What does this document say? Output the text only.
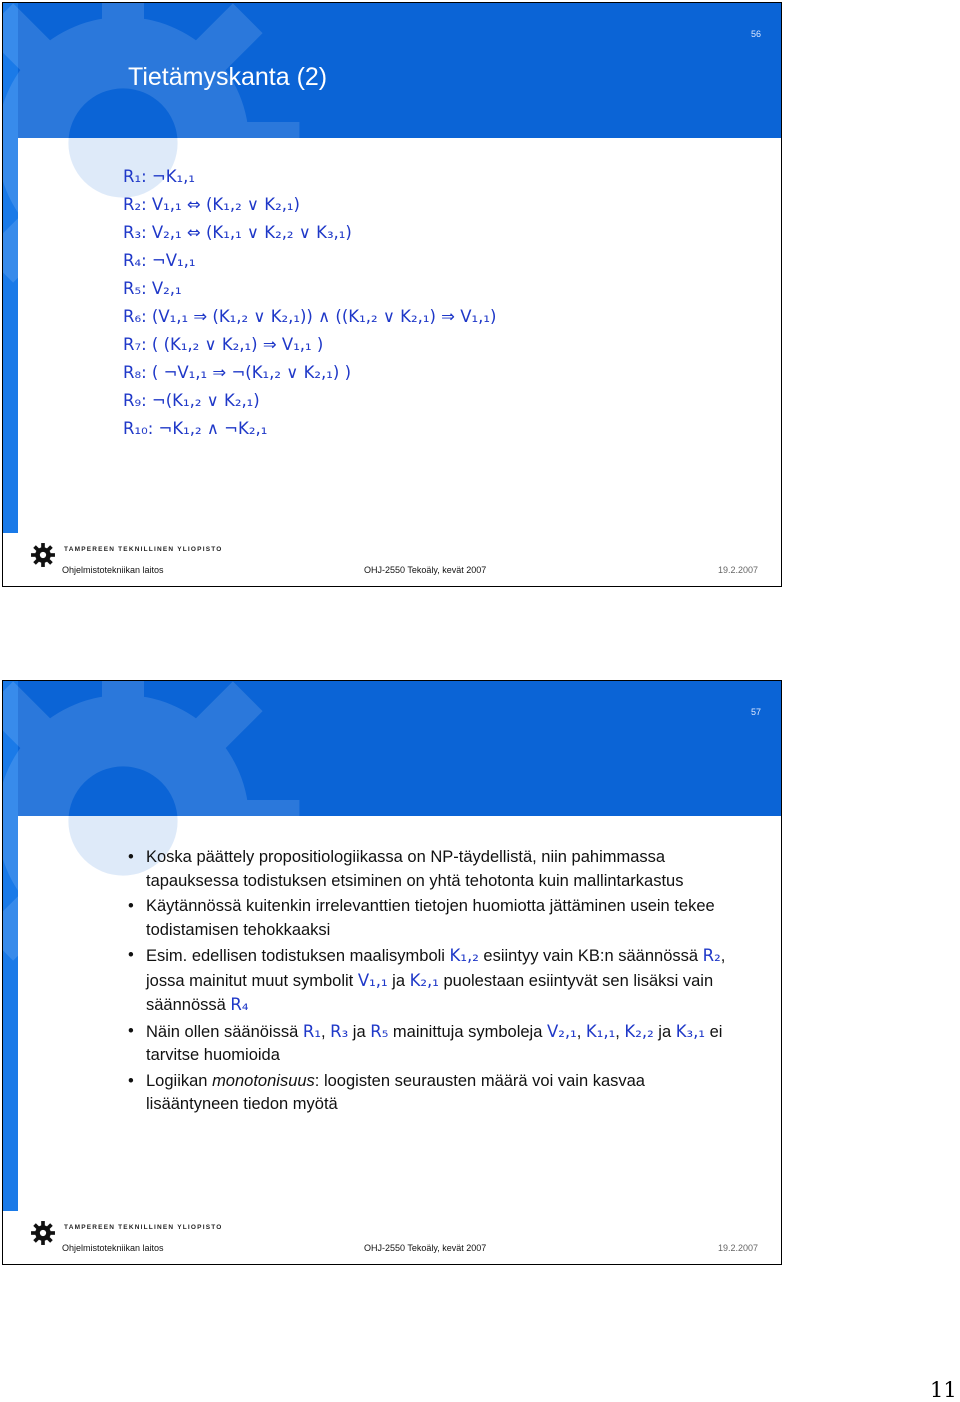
56
Tietämyskanta (2)
R₁: ¬K₁,₁
R₂: V₁,₁ ⇔ (K₁,₂ ∨ K₂,₁)
R₃: V₂,₁ ⇔ (K₁,₁ ∨ K₂,₂ ∨ K₃,₁)
R₄: ¬V₁,₁
R₅: V₂,₁
R₆: (V₁,₁ ⇒ (K₁,₂ ∨ K₂,₁)) ∧ ((K₁,₂ ∨ K₂,₁) ⇒ V₁,₁)
R₇: ( (K₁,₂ ∨ K₂,₁) ⇒ V₁,₁ )
R₈: ( ¬V₁,₁ ⇒ ¬(K₁,₂ ∨ K₂,₁) )
R₉: ¬(K₁,₂ ∨ K₂,₁)
R₁₀: ¬K₁,₂ ∧ ¬K₂,₁
TAMPEREEN TEKNILLINEN YLIOPISTO
Ohjelmistotekniikan laitos	OHJ-2550 Tekoäly, kevät 2007	19.2.2007
57
• Koska päättely propositiologiikassa on NP-täydellistä, niin pahimmassa tapauksessa todistuksen etsiminen on yhtä tehotonta kuin mallintarkastus
• Käytännössä kuitenkin irrelevanttien tietojen huomiotta jättäminen usein tekee todistamisen tehokkaaksi
• Esim. edellisen todistuksen maalisymboli K₁,₂ esiintyy vain KB:n säännössä R₂, jossa mainitut muut symbolit V₁,₁ ja K₂,₁ puolestaan esiintyvät sen lisäksi vain säännössä R₄
• Näin ollen säänöissä R₁, R₃ ja R₅ mainittuja symboleja V₂,₁, K₁,₁, K₂,₂ ja K₃,₁ ei tarvitse huomioida
• Logiikan monotonisuus: loogisten seurausten määrä voi vain kasvaa lisääntyneen tiedon myötä
TAMPEREEN TEKNILLINEN YLIOPISTO
Ohjelmistotekniikan laitos	OHJ-2550 Tekoäly, kevät 2007	19.2.2007
11
